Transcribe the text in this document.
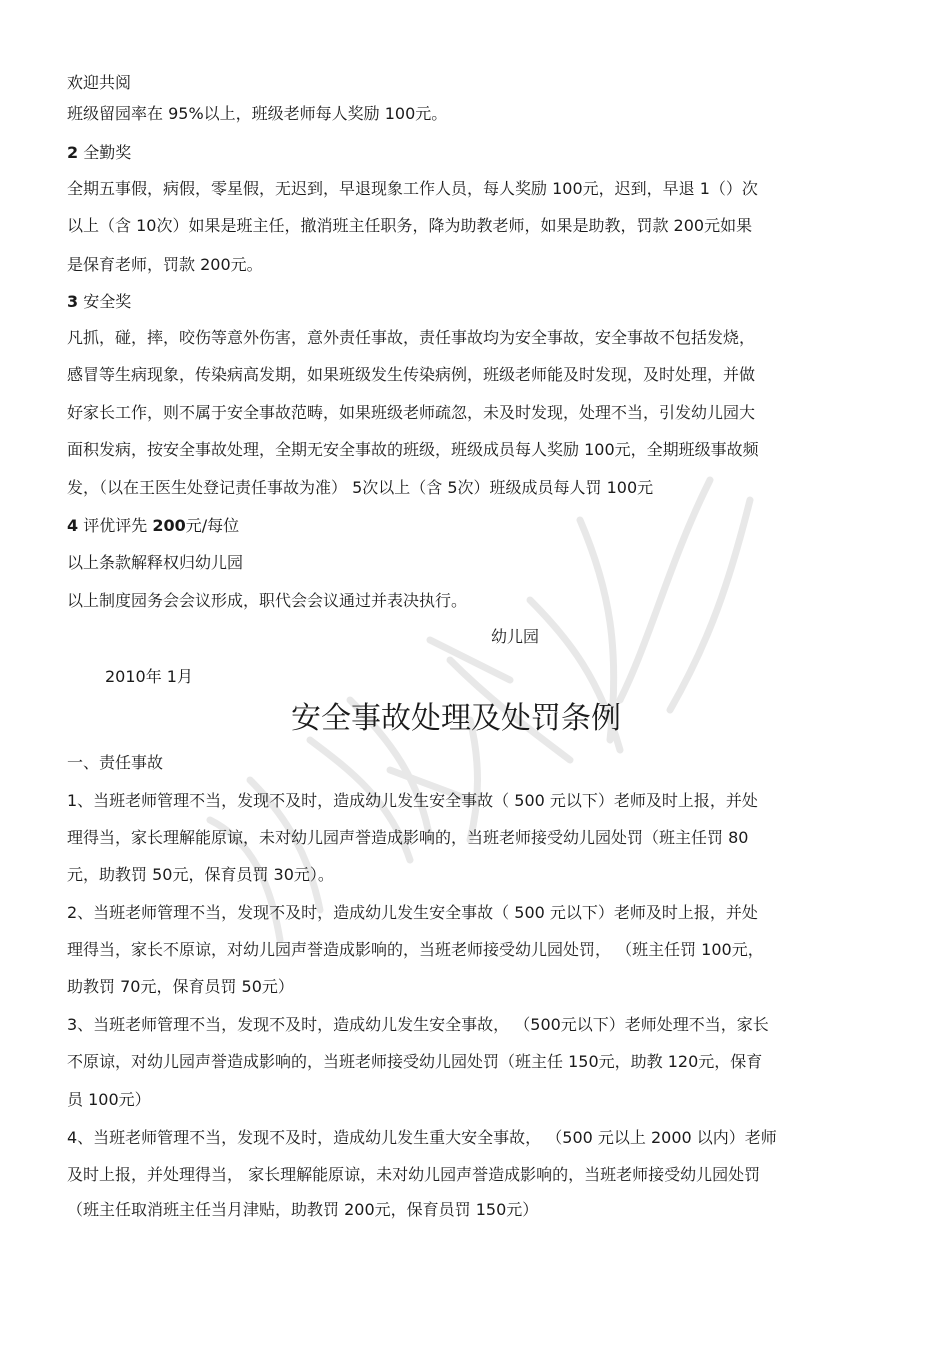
欢迎共阅
班级留园率在 95%以上，班级老师每人奖励 100元。
2 全勤奖
全期五事假，病假，零星假，无迟到，早退现象工作人员，每人奖励 100元，迟到，早退 1（）次
以上（含 10次）如果是班主任，撤消班主任职务，降为助教老师，如果是助教，罚款 200元如果
是保育老师，罚款 200元。
3 安全奖
凡抓，碰，摔，咬伤等意外伤害，意外责任事故，责任事故均为安全事故，安全事故不包括发烧，
感冒等生病现象，传染病高发期，如果班级发生传染病例，班级老师能及时发现，及时处理，并做
好家长工作，则不属于安全事故范畴，如果班级老师疏忽，未及时发现，处理不当，引发幼儿园大
面积发病，按安全事故处理，全期无安全事故的班级，班级成员每人奖励 100元，全期班级事故频
发，（以在王医生处登记责任事故为准） 5次以上（含 5次）班级成员每人罚 100元
4 评优评先 200元/每位
以上条款解释权归幼儿园
以上制度园务会会议形成，职代会会议通过并表决执行。
幼儿园
2010年 1月
安全事故处理及处罚条例
一、责任事故
1、当班老师管理不当，发现不及时，造成幼儿发生安全事故（ 500 元以下）老师及时上报，并处
理得当，家长理解能原谅，未对幼儿园声誉造成影响的，当班老师接受幼儿园处罚（班主任罚 80
元，助教罚 50元，保育员罚 30元）。
2、当班老师管理不当，发现不及时，造成幼儿发生安全事故（ 500 元以下）老师及时上报，并处
理得当，家长不原谅，对幼儿园声誉造成影响的，当班老师接受幼儿园处罚， （班主任罚 100元，
助教罚 70元，保育员罚 50元）
3、当班老师管理不当，发现不及时，造成幼儿发生安全事故， （500元以下）老师处理不当，家长
不原谅，对幼儿园声誉造成影响的，当班老师接受幼儿园处罚（班主任 150元，助教 120元，保育
员 100元）
4、当班老师管理不当，发现不及时，造成幼儿发生重大安全事故， （500 元以上 2000 以内）老师
及时上报，并处理得当， 家长理解能原谅，未对幼儿园声誉造成影响的，当班老师接受幼儿园处罚
（班主任取消班主任当月津贴，助教罚 200元，保育员罚 150元）
